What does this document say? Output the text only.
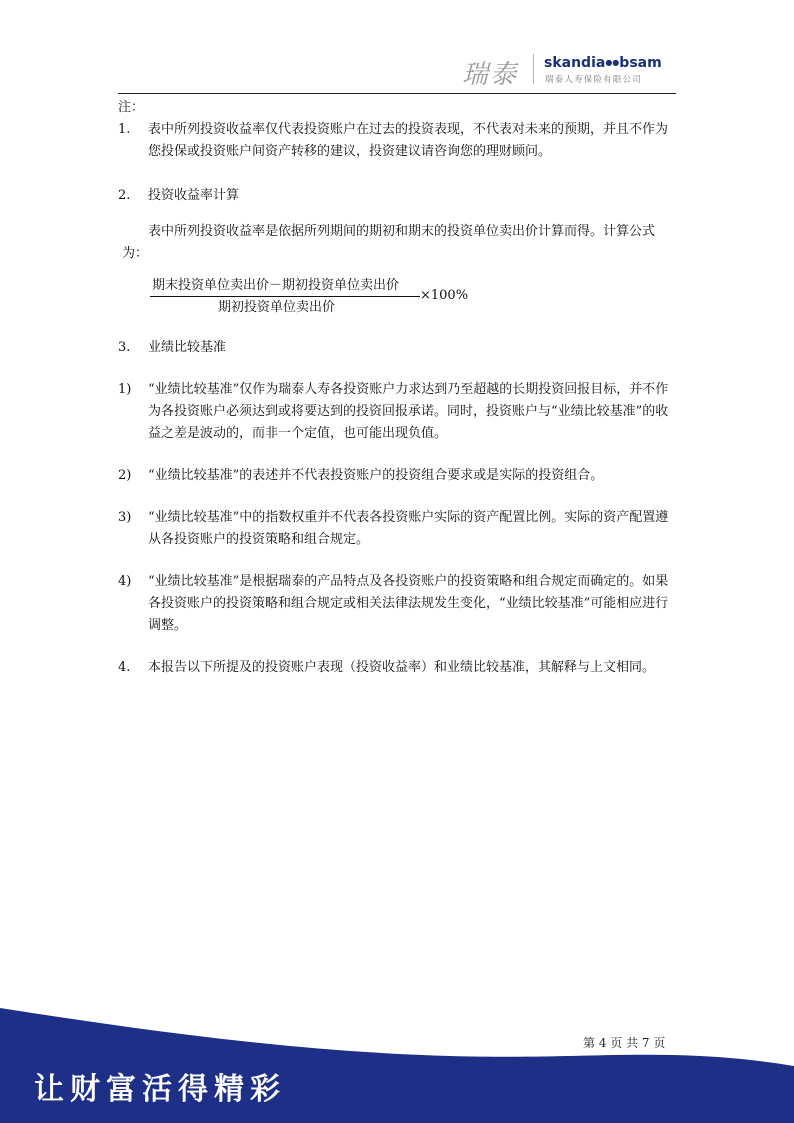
瑞泰 skandia●●bsam
瑞泰人寿保险有限公司

注：

1. 表中所列投资收益率仅代表投资账户在过去的投资表现，不代表对未来的预期，并且不作为您投保或投资账户间资产转移的建议，投资建议请咨询您的理财顾问。
2. 投资收益率计算

表中所列投资收益率是依据所列期间的期初和期末的投资单位卖出价计算而得。计算公式为：

期末投资单位卖出价－期初投资单位卖出价
期初投资单位卖出价
×100%
3. 业绩比较基准
1) “业绩比较基准”仅作为瑞泰人寿各投资账户力求达到乃至超越的长期投资回报目标，并不作为各投资账户必须达到或将要达到的投资回报承诺。同时，投资账户与“业绩比较基准”的收益之差是波动的，而非一个定值，也可能出现负值。
2) “业绩比较基准”的表述并不代表投资账户的投资组合要求或是实际的投资组合。
3) “业绩比较基准”中的指数权重并不代表各投资账户实际的资产配置比例。实际的资产配置遵从各投资账户的投资策略和组合规定。
4) “业绩比较基准”是根据瑞泰的产品特点及各投资账户的投资策略和组合规定而确定的。如果各投资账户的投资策略和组合规定或相关法律法规发生变化，“业绩比较基准”可能相应进行调整。
4. 本报告以下所提及的投资账户表现（投资收益率）和业绩比较基准，其解释与上文相同。
第 4 页 共 7 页
让财富活得精彩
